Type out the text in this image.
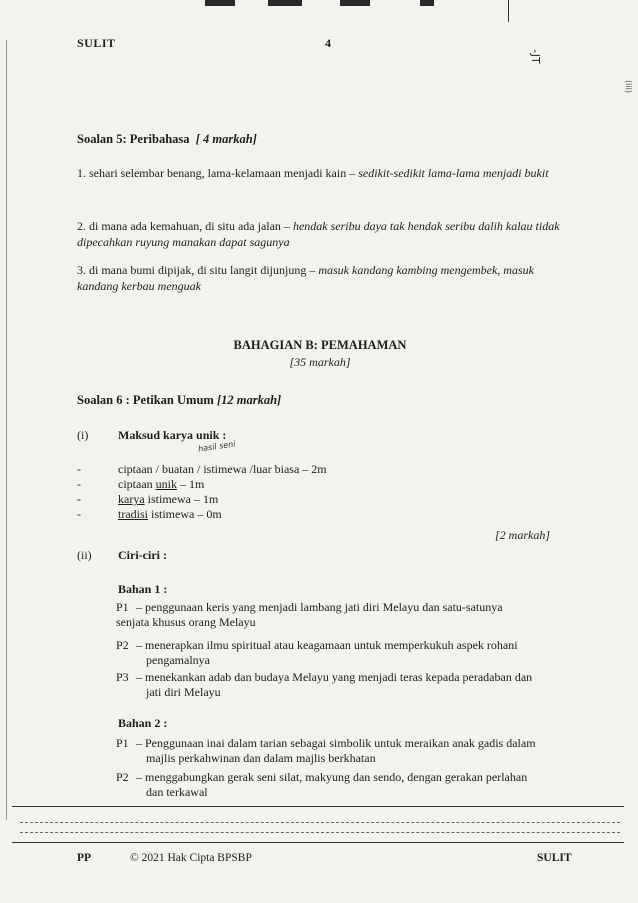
SULIT	4
-JT
(iii)
Soalan 5: Peribahasa [ 4 markah]
1. sehari selembar benang, lama-kelamaan menjadi kain – sedikit-sedikit lama-lama menjadi bukit
2. di mana ada kemahuan, di situ ada jalan – hendak seribu daya tak hendak seribu dalih kalau tidak dipecahkan ruyung manakan dapat sagunya
3. di mana bumi dipijak, di situ langit dijunjung – masuk kandang kambing mengembek, masuk kandang kerbau menguak
BAHAGIAN B: PEMAHAMAN
[35 markah]
Soalan 6 : Petikan Umum [12 markah]
(i) Maksud karya unik :
hasil seni
-	ciptaan / buatan / istimewa /luar biasa – 2m
-	ciptaan unik – 1m
-	karya istimewa – 1m
-	tradisi istimewa – 0m
[2 markah]
(ii) Ciri-ciri :
Bahan 1 :
P1 – penggunaan keris yang menjadi lambang jati diri Melayu dan satu-satunya
senjata khusus orang Melayu
P2 – menerapkan ilmu spiritual atau keagamaan untuk memperkukuh aspek rohani
pengamalnya
P3 – menekankan adab dan budaya Melayu yang menjadi teras kepada peradaban dan
jati diri Melayu
Bahan 2 :
P1 – Penggunaan inai dalam tarian sebagai simbolik untuk meraikan anak gadis dalam
majlis perkahwinan dan dalam majlis berkhatan
P2 – menggabungkan gerak seni silat, makyung dan sendo, dengan gerakan perlahan
dan terkawal
PP	© 2021 Hak Cipta BPSBP	SULIT
